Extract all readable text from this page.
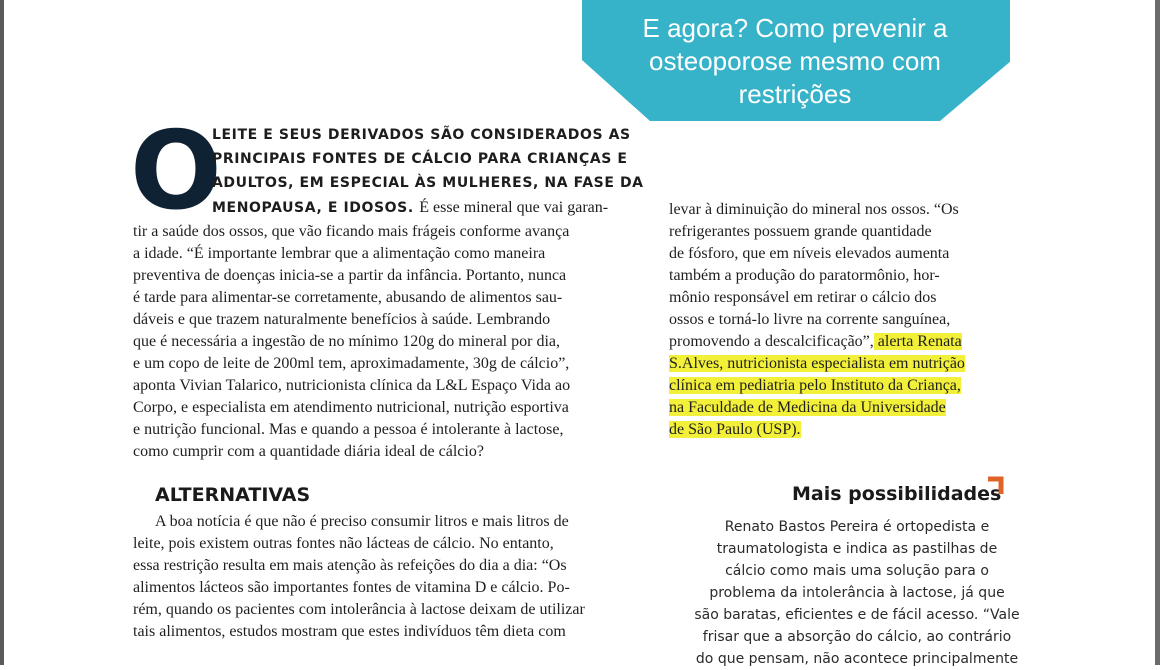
E agora? Como prevenir a
osteoporose mesmo com
restrições
O
LEITE E SEUS DERIVADOS SÃO CONSIDERADOS AS
PRINCIPAIS FONTES DE CÁLCIO PARA CRIANÇAS E
ADULTOS, EM ESPECIAL ÀS MULHERES, NA FASE DA
MENOPAUSA, E IDOSOS. É esse mineral que vai garan-
tir a saúde dos ossos, que vão ficando mais frágeis conforme avança
a idade. “É importante lembrar que a alimentação como maneira
preventiva de doenças inicia-se a partir da infância. Portanto, nunca
é tarde para alimentar-se corretamente, abusando de alimentos sau-
dáveis e que trazem naturalmente benefícios à saúde. Lembrando
que é necessária a ingestão de no mínimo 120g do mineral por dia,
e um copo de leite de 200ml tem, aproximadamente, 30g de cálcio”,
aponta Vivian Talarico, nutricionista clínica da L&L Espaço Vida ao
Corpo, e especialista em atendimento nutricional, nutrição esportiva
e nutrição funcional. Mas e quando a pessoa é intolerante à lactose,
como cumprir com a quantidade diária ideal de cálcio?
ALTERNATIVAS
A boa notícia é que não é preciso consumir litros e mais litros de
leite, pois existem outras fontes não lácteas de cálcio. No entanto,
essa restrição resulta em mais atenção às refeições do dia a dia: “Os
alimentos lácteos são importantes fontes de vitamina D e cálcio. Po-
rém, quando os pacientes com intolerância à lactose deixam de utilizar
tais alimentos, estudos mostram que estes indivíduos têm dieta com
levar à diminuição do mineral nos ossos. “Os
refrigerantes possuem grande quantidade
de fósforo, que em níveis elevados aumenta
também a produção do paratormônio, hor-
mônio responsável em retirar o cálcio dos
ossos e torná-lo livre na corrente sanguínea,
promovendo a descalcificação”, alerta Renata
S.Alves, nutricionista especialista em nutrição
clínica em pediatria pelo Instituto da Criança,
na Faculdade de Medicina da Universidade
de São Paulo (USP).
Mais possibilidades
Renato Bastos Pereira é ortopedista e
traumatologista e indica as pastilhas de
cálcio como mais uma solução para o
problema da intolerância à lactose, já que
são baratas, eficientes e de fácil acesso. “Vale
frisar que a absorção do cálcio, ao contrário
do que pensam, não acontece principalmente
